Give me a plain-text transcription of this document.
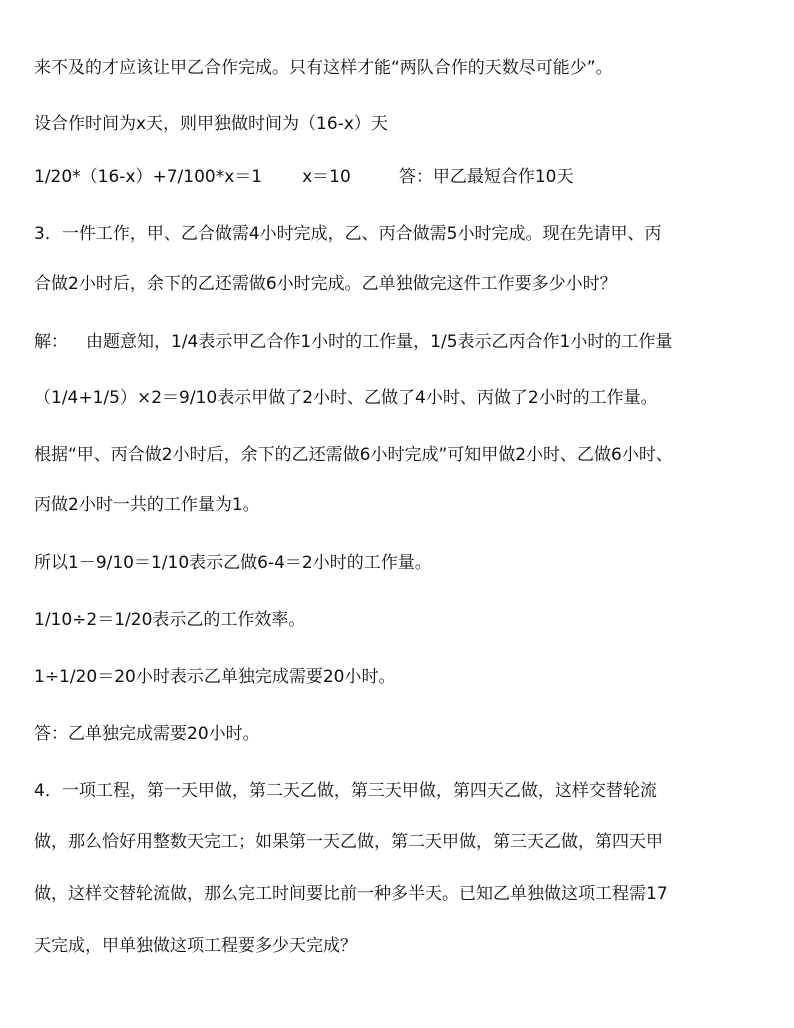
来不及的才应该让甲乙合作完成。只有这样才能“两队合作的天数尽可能少”。
设合作时间为x天，则甲独做时间为（16-x）天
1/20*（16-x）+7/100*x＝1 x＝10	答：甲乙最短合作10天
3．一件工作，甲、乙合做需4小时完成，乙、丙合做需5小时完成。现在先请甲、丙
合做2小时后，余下的乙还需做6小时完成。乙单独做完这件工作要多少小时？
解： 由题意知，1/4表示甲乙合作1小时的工作量，1/5表示乙丙合作1小时的工作量
（1/4+1/5）×2＝9/10表示甲做了2小时、乙做了4小时、丙做了2小时的工作量。
根据“甲、丙合做2小时后，余下的乙还需做6小时完成”可知甲做2小时、乙做6小时、
丙做2小时一共的工作量为1。
所以1－9/10＝1/10表示乙做6-4＝2小时的工作量。
1/10÷2＝1/20表示乙的工作效率。
1÷1/20＝20小时表示乙单独完成需要20小时。
答：乙单独完成需要20小时。
4．一项工程，第一天甲做，第二天乙做，第三天甲做，第四天乙做，这样交替轮流
做，那么恰好用整数天完工；如果第一天乙做，第二天甲做，第三天乙做，第四天甲
做，这样交替轮流做，那么完工时间要比前一种多半天。已知乙单独做这项工程需17
天完成，甲单独做这项工程要多少天完成？
